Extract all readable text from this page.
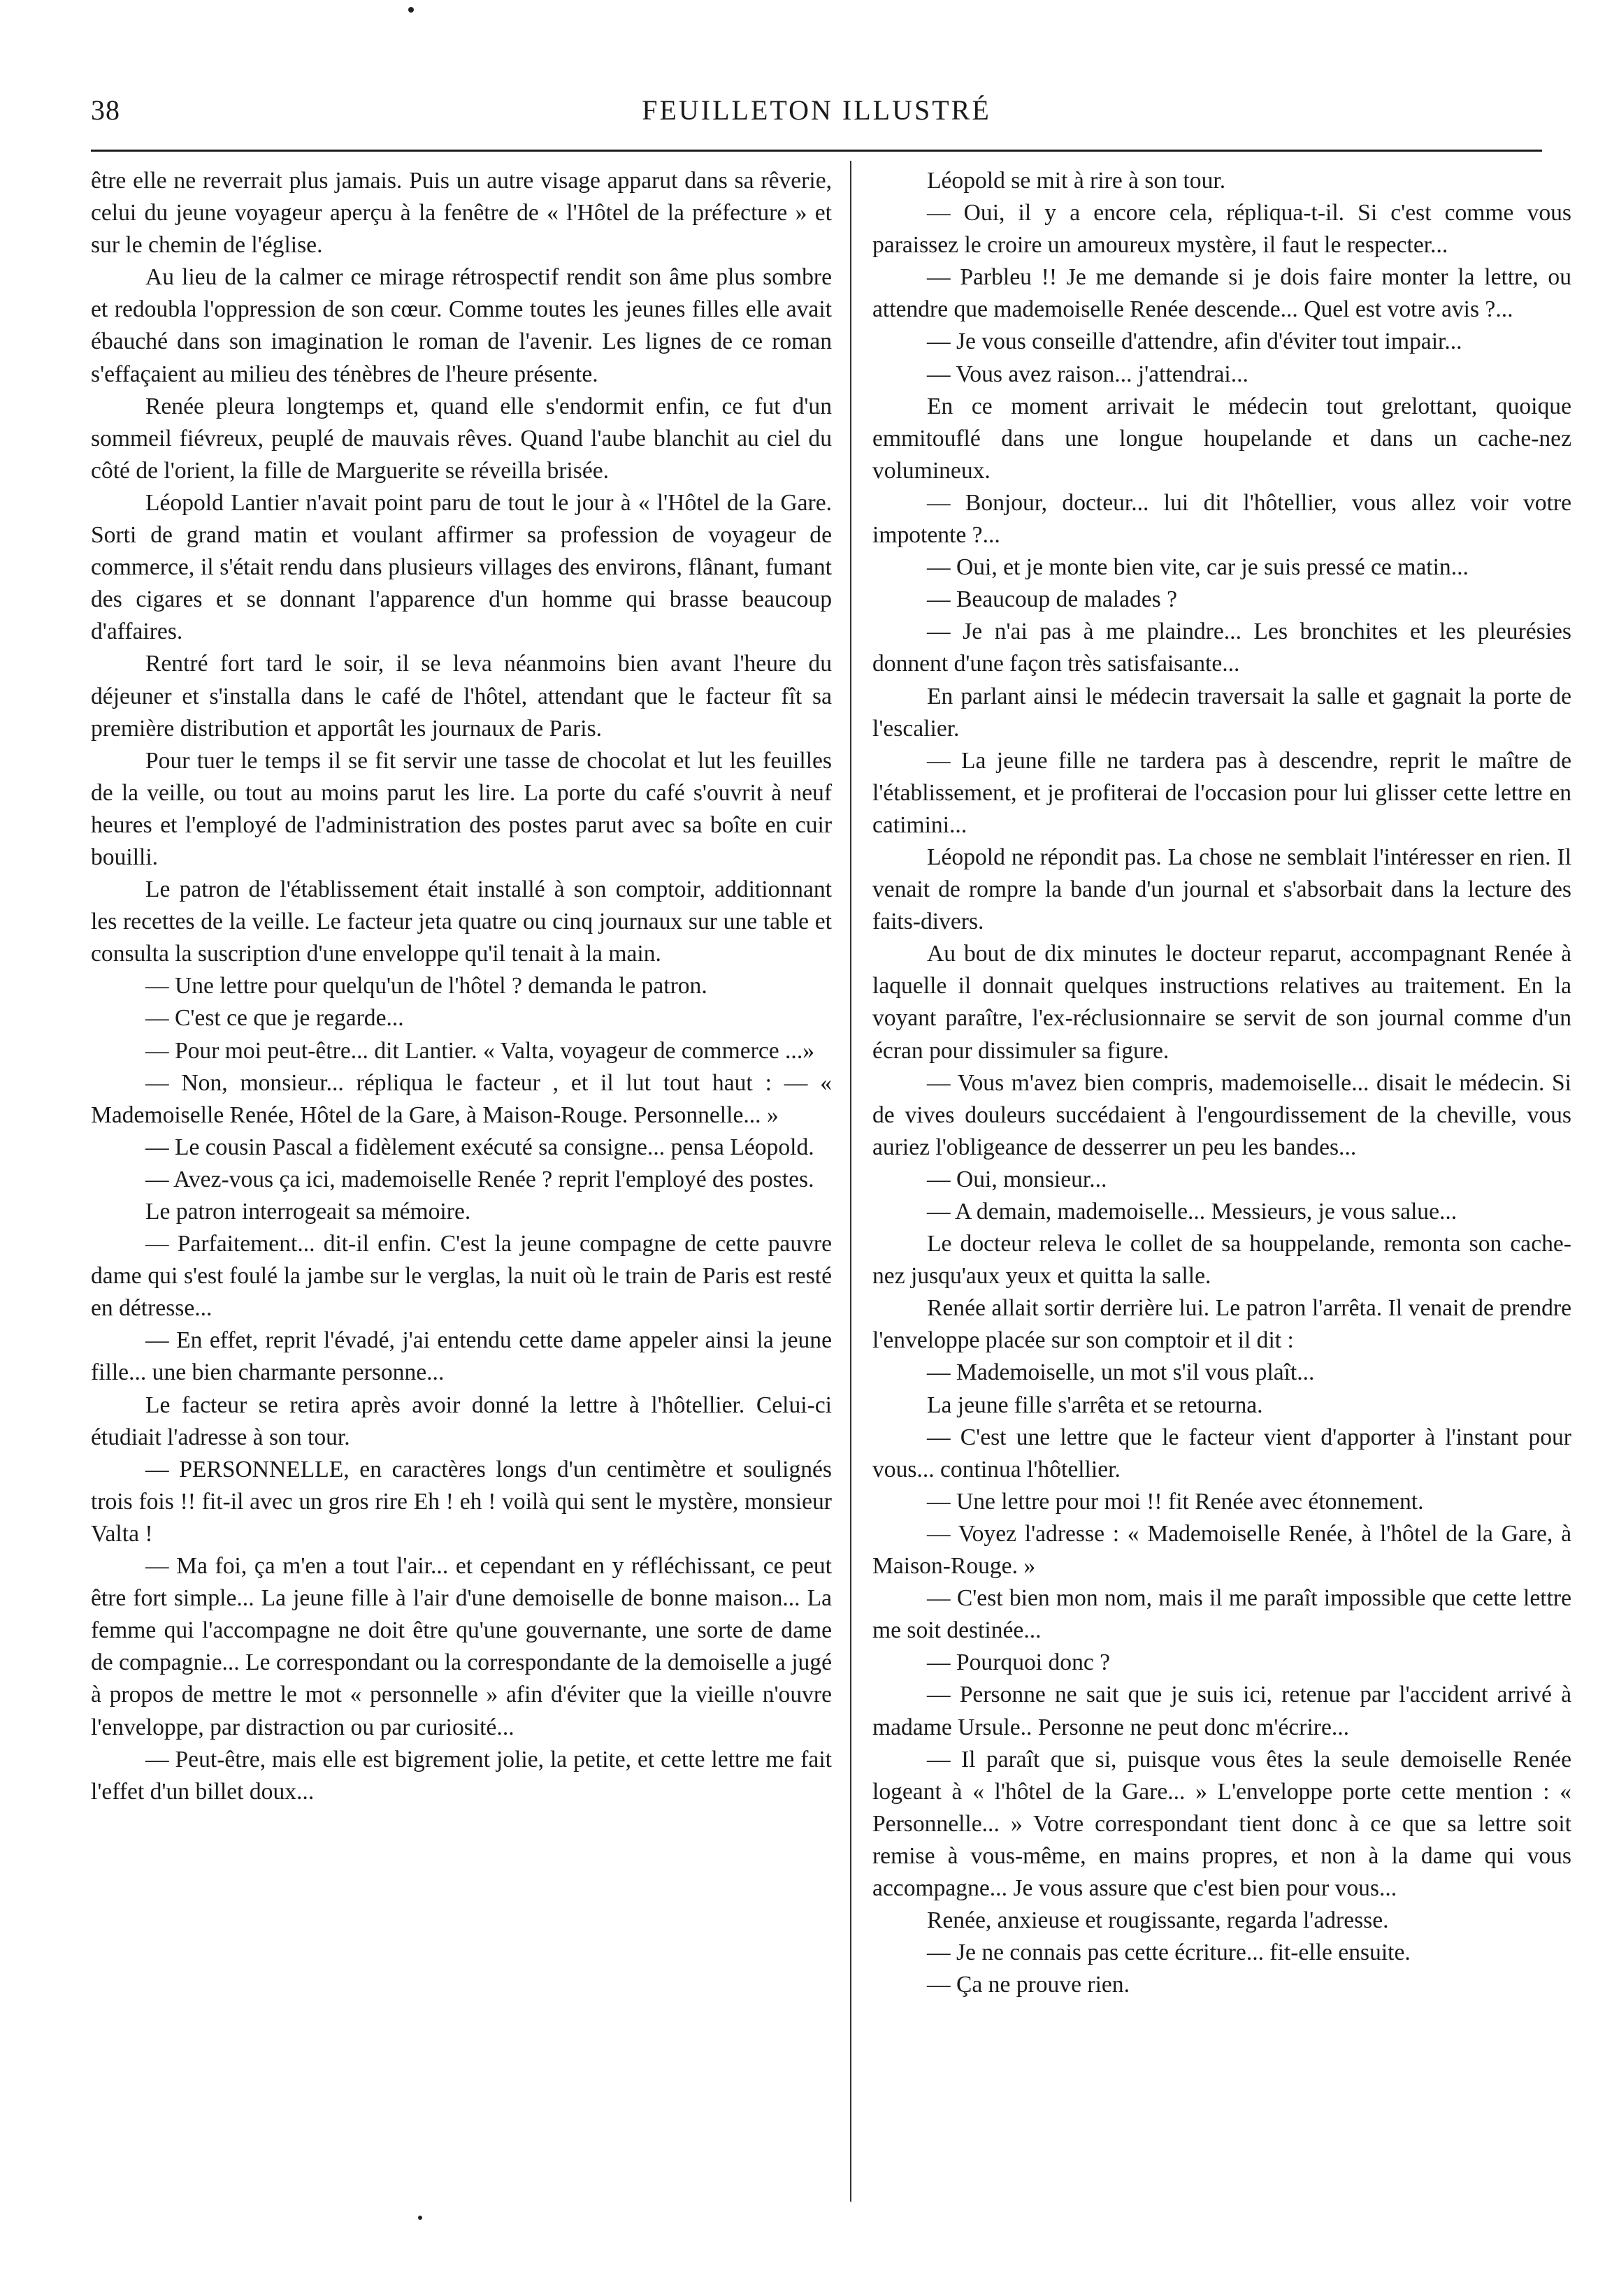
38	FEUILLETON ILLUSTRÉ

être elle ne reverrait plus jamais. Puis un autre visage apparut dans sa rêverie, celui du jeune voyageur aperçu à la fenêtre de « l'Hôtel de la préfecture » et sur le chemin de l'église.

Au lieu de la calmer ce mirage rétrospectif rendit son âme plus sombre et redoubla l'oppression de son cœur. Comme toutes les jeunes filles elle avait ébauché dans son imagination le roman de l'avenir. Les lignes de ce roman s'effaçaient au milieu des ténèbres de l'heure présente.

Renée pleura longtemps et, quand elle s'endormit enfin, ce fut d'un sommeil fiévreux, peuplé de mauvais rêves. Quand l'aube blanchit au ciel du côté de l'orient, la fille de Marguerite se réveilla brisée.

Léopold Lantier n'avait point paru de tout le jour à « l'Hôtel de la Gare. Sorti de grand matin et voulant affirmer sa profession de voyageur de commerce, il s'était rendu dans plusieurs villages des environs, flânant, fumant des cigares et se donnant l'apparence d'un homme qui brasse beaucoup d'affaires.

Rentré fort tard le soir, il se leva néanmoins bien avant l'heure du déjeuner et s'installa dans le café de l'hôtel, attendant que le facteur fît sa première distribution et apportât les journaux de Paris.

Pour tuer le temps il se fit servir une tasse de chocolat et lut les feuilles de la veille, ou tout au moins parut les lire. La porte du café s'ouvrit à neuf heures et l'employé de l'administration des postes parut avec sa boîte en cuir bouilli.

Le patron de l'établissement était installé à son comptoir, additionnant les recettes de la veille. Le facteur jeta quatre ou cinq journaux sur une table et consulta la suscription d'une enveloppe qu'il tenait à la main.

— Une lettre pour quelqu'un de l'hôtel ? demanda le patron.

— C'est ce que je regarde...

— Pour moi peut-être... dit Lantier. « Valta, voyageur de commerce ...»

— Non, monsieur... répliqua le facteur , et il lut tout haut : — « Mademoiselle Renée, Hôtel de la Gare, à Maison-Rouge. Personnelle... »

— Le cousin Pascal a fidèlement exécuté sa consigne... pensa Léopold.

— Avez-vous ça ici, mademoiselle Renée ? reprit l'employé des postes.

Le patron interrogeait sa mémoire.

— Parfaitement... dit-il enfin. C'est la jeune compagne de cette pauvre dame qui s'est foulé la jambe sur le verglas, la nuit où le train de Paris est resté en détresse...

— En effet, reprit l'évadé, j'ai entendu cette dame appeler ainsi la jeune fille... une bien charmante personne...

Le facteur se retira après avoir donné la lettre à l'hôtellier. Celui-ci étudiait l'adresse à son tour.

— PERSONNELLE, en caractères longs d'un centimètre et soulignés trois fois !! fit-il avec un gros rire Eh ! eh ! voilà qui sent le mystère, monsieur Valta !

— Ma foi, ça m'en a tout l'air... et cependant en y réfléchissant, ce peut être fort simple... La jeune fille à l'air d'une demoiselle de bonne maison... La femme qui l'accompagne ne doit être qu'une gouvernante, une sorte de dame de compagnie... Le correspondant ou la correspondante de la demoiselle a jugé à propos de mettre le mot « personnelle » afin d'éviter que la vieille n'ouvre l'enveloppe, par distraction ou par curiosité...

— Peut-être, mais elle est bigrement jolie, la petite, et cette lettre me fait l'effet d'un billet doux...

Léopold se mit à rire à son tour.

— Oui, il y a encore cela, répliqua-t-il. Si c'est comme vous paraissez le croire un amoureux mystère, il faut le respecter...

— Parbleu !! Je me demande si je dois faire monter la lettre, ou attendre que mademoiselle Renée descende... Quel est votre avis ?...

— Je vous conseille d'attendre, afin d'éviter tout impair...

— Vous avez raison... j'attendrai...

En ce moment arrivait le médecin tout grelottant, quoique emmitouflé dans une longue houpelande et dans un cache-nez volumineux.

— Bonjour, docteur... lui dit l'hôtellier, vous allez voir votre impotente ?...

— Oui, et je monte bien vite, car je suis pressé ce matin...

— Beaucoup de malades ?

— Je n'ai pas à me plaindre... Les bronchites et les pleurésies donnent d'une façon très satisfaisante...

En parlant ainsi le médecin traversait la salle et gagnait la porte de l'escalier.

— La jeune fille ne tardera pas à descendre, reprit le maître de l'établissement, et je profiterai de l'occasion pour lui glisser cette lettre en catimini...

Léopold ne répondit pas. La chose ne semblait l'intéresser en rien. Il venait de rompre la bande d'un journal et s'absorbait dans la lecture des faits-divers.

Au bout de dix minutes le docteur reparut, accompagnant Renée à laquelle il donnait quelques instructions relatives au traitement. En la voyant paraître, l'ex-réclusionnaire se servit de son journal comme d'un écran pour dissimuler sa figure.

— Vous m'avez bien compris, mademoiselle... disait le médecin. Si de vives douleurs succédaient à l'engourdissement de la cheville, vous auriez l'obligeance de desserrer un peu les bandes...

— Oui, monsieur...

— A demain, mademoiselle... Messieurs, je vous salue...

Le docteur releva le collet de sa houppelande, remonta son cache-nez jusqu'aux yeux et quitta la salle.

Renée allait sortir derrière lui. Le patron l'arrêta. Il venait de prendre l'enveloppe placée sur son comptoir et il dit :

— Mademoiselle, un mot s'il vous plaît...

La jeune fille s'arrêta et se retourna.

— C'est une lettre que le facteur vient d'apporter à l'instant pour vous... continua l'hôtellier.

— Une lettre pour moi !! fit Renée avec étonnement.

— Voyez l'adresse : « Mademoiselle Renée, à l'hôtel de la Gare, à Maison-Rouge. »

— C'est bien mon nom, mais il me paraît impossible que cette lettre me soit destinée...

— Pourquoi donc ?

— Personne ne sait que je suis ici, retenue par l'accident arrivé à madame Ursule.. Personne ne peut donc m'écrire...

— Il paraît que si, puisque vous êtes la seule demoiselle Renée logeant à « l'hôtel de la Gare... » L'enveloppe porte cette mention : « Personnelle... » Votre correspondant tient donc à ce que sa lettre soit remise à vous-même, en mains propres, et non à la dame qui vous accompagne... Je vous assure que c'est bien pour vous...

Renée, anxieuse et rougissante, regarda l'adresse.

— Je ne connais pas cette écriture... fit-elle ensuite.

— Ça ne prouve rien.
